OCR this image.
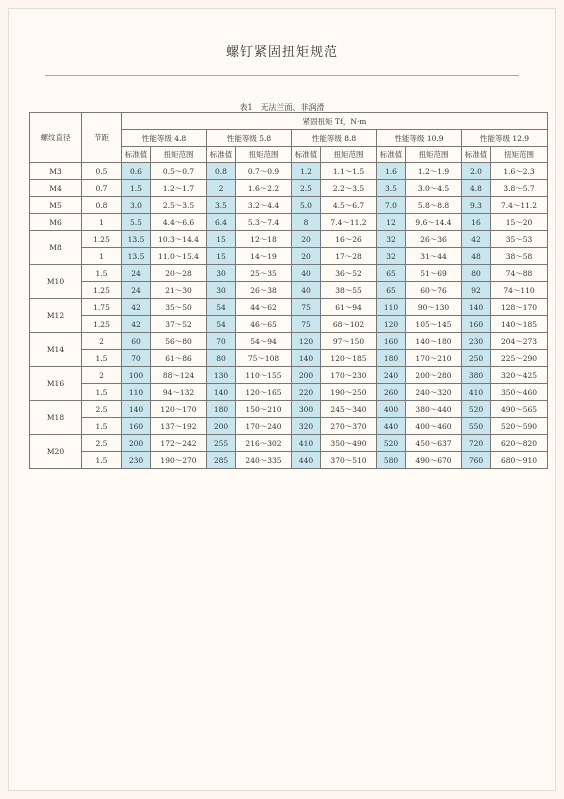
螺钉紧固扭矩规范
表1　无法兰面、非润滑
螺纹直径	节距	紧固扭矩 Tf，N·m									
		性能等级 4.8		性能等级 5.8		性能等级 8.8		性能等级 10.9		性能等级 12.9	
		标准值	扭矩范围	标准值	扭矩范围	标准值	扭矩范围	标准值	扭矩范围	标准值	扭矩范围
M3	0.5	0.6	0.5～0.7	0.8	0.7～0.9	1.2	1.1～1.5	1.6	1.2～1.9	2.0	1.6～2.3
M4	0.7	1.5	1.2～1.7	2	1.6～2.2	2.5	2.2～3.5	3.5	3.0～4.5	4.8	3.8～5.7
M5	0.8	3.0	2.5～3.5	3.5	3.2～4.4	5.0	4.5～6.7	7.0	5.8～8.8	9.3	7.4～11.2
M6	1	5.5	4.4～6.6	6.4	5.3～7.4	8	7.4～11.2	12	9.6～14.4	16	15～20
M8	1.25	13.5	10.3～14.4	15	12～18	20	16～26	32	26～36	42	35～53
	1	13.5	11.0～15.4	15	14～19	20	17～28	32	31～44	48	38～58
M10	1.5	24	20～28	30	25～35	40	36～52	65	51～69	80	74～88
	1.25	24	21～30	30	26～38	40	38～55	65	60～76	92	74～110
M12	1.75	42	35～50	54	44～62	75	61～94	110	90～130	140	128～170
	1.25	42	37～52	54	46～65	75	68～102	120	105～145	160	140～185
M14	2	60	56～80	70	54～94	120	97～150	160	140～180	230	204～273
	1.5	70	61～86	80	75～108	140	120～185	180	170～210	250	225～290
M16	2	100	88～124	130	110～155	200	170～230	240	200～280	380	320～425
	1.5	110	94～132	140	120～165	220	190～250	260	240～320	410	350～460
M18	2.5	140	120～170	180	150～210	300	245～340	400	380～440	520	490～565
	1.5	160	137～192	200	170～240	320	270～370	440	400～460	550	520～590
M20	2.5	200	172～242	255	216～302	410	350～490	520	450～637	720	620～820
	1.5	230	190～270	285	240～335	440	370～510	580	490～670	760	680～910
